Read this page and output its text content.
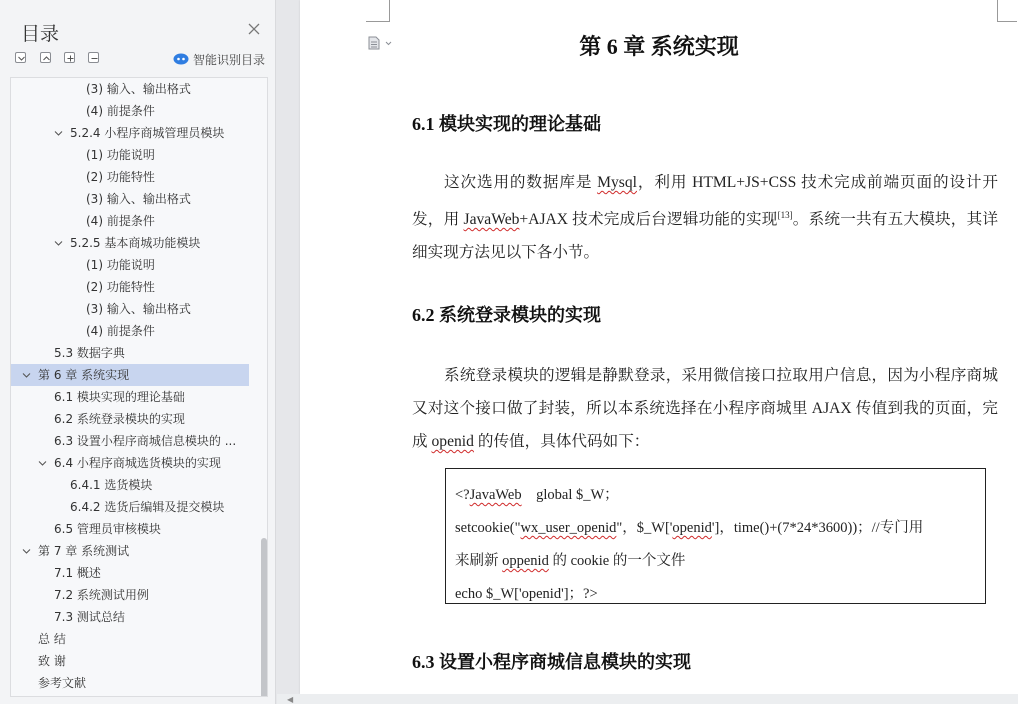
目录
智能识别目录
(3) 输入、输出格式
(4) 前提条件
5.2.4 小程序商城管理员模块
(1) 功能说明
(2) 功能特性
(3) 输入、输出格式
(4) 前提条件
5.2.5 基本商城功能模块
(1) 功能说明
(2) 功能特性
(3) 输入、输出格式
(4) 前提条件
5.3 数据字典
第 6 章 系统实现
6.1 模块实现的理论基础
6.2 系统登录模块的实现
6.3 设置小程序商城信息模块的 ...
6.4 小程序商城选货模块的实现
6.4.1 选货模块
6.4.2 选货后编辑及提交模块
6.5 管理员审核模块
第 7 章 系统测试
7.1 概述
7.2 系统测试用例
7.3 测试总结
总 结
致 谢
参考文献
第 6 章 系统实现
6.1 模块实现的理论基础
这次选用的数据库是 Mysql，利用 HTML+JS+CSS 技术完成前端页面的设计开发，用 JavaWeb+AJAX 技术完成后台逻辑功能的实现[13]。系统一共有五大模块，其详细实现方法见以下各小节。
6.2 系统登录模块的实现
系统登录模块的逻辑是静默登录，采用微信接口拉取用户信息，因为小程序商城又对这个接口做了封装，所以本系统选择在小程序商城里 AJAX 传值到我的页面，完成 openid 的传值，具体代码如下：
<?JavaWeb    global $_W；
setcookie("wx_user_openid"，$_W['openid']，time()+(7*24*3600))；//专门用
来刷新 oppenid 的 cookie 的一个文件
echo $_W['openid']；?>
6.3 设置小程序商城信息模块的实现
◀
